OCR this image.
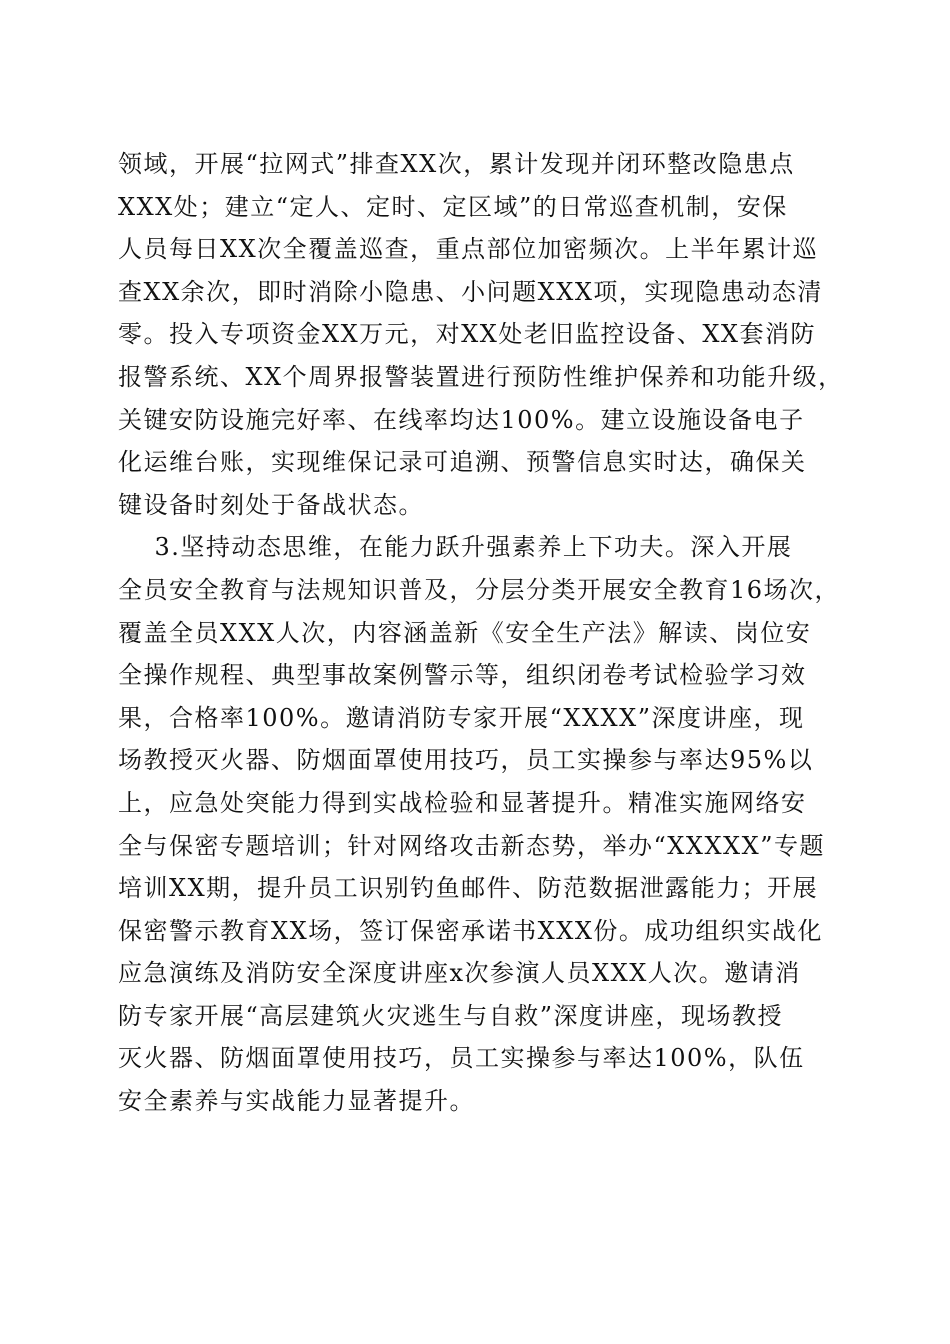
领域，开展“拉网式”排查XX次，累计发现并闭环整改隐患点
XXX处；建立“定人、定时、定区域”的日常巡查机制，安保
人员每日XX次全覆盖巡查，重点部位加密频次。上半年累计巡
查XX余次，即时消除小隐患、小问题XXX项，实现隐患动态清
零。投入专项资金XX万元，对XX处老旧监控设备、XX套消防
报警系统、XX个周界报警装置进行预防性维护保养和功能升级，
关键安防设施完好率、在线率均达100%。建立设施设备电子
化运维台账，实现维保记录可追溯、预警信息实时达，确保关
键设备时刻处于备战状态。
3.坚持动态思维，在能力跃升强素养上下功夫。深入开展
全员安全教育与法规知识普及，分层分类开展安全教育16场次，
覆盖全员XXX人次，内容涵盖新《安全生产法》解读、岗位安
全操作规程、典型事故案例警示等，组织闭卷考试检验学习效
果，合格率100%。邀请消防专家开展“XXXX”深度讲座，现
场教授灭火器、防烟面罩使用技巧，员工实操参与率达95%以
上，应急处突能力得到实战检验和显著提升。精准实施网络安
全与保密专题培训；针对网络攻击新态势，举办“XXXXX”专题
培训XX期，提升员工识别钓鱼邮件、防范数据泄露能力；开展
保密警示教育XX场，签订保密承诺书XXX份。成功组织实战化
应急演练及消防安全深度讲座x次参演人员XXX人次。邀请消
防专家开展“高层建筑火灾逃生与自救”深度讲座，现场教授
灭火器、防烟面罩使用技巧，员工实操参与率达100%，队伍
安全素养与实战能力显著提升。
